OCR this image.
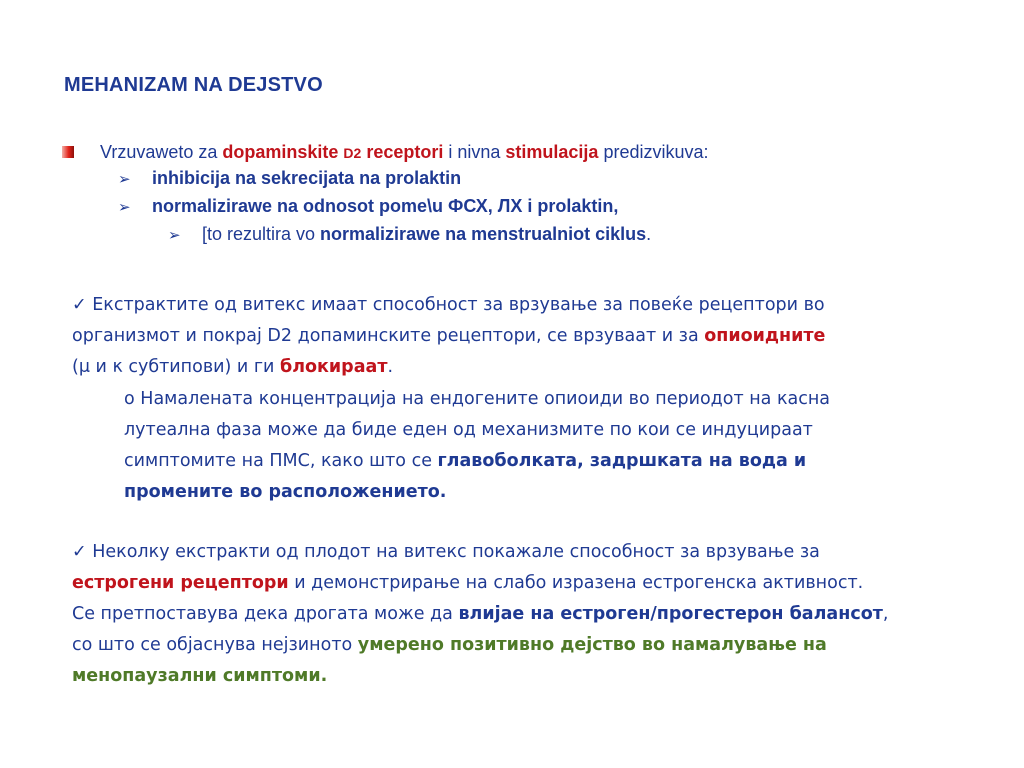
MEHANIZAM NA DEJSTVO
Vrzuvaweto za dopaminskite D2 receptori i nivna stimulacija predizvikuva:
➢ inhibicija na sekrecijata na prolaktin
➢ normalizirawe na odnosot pome\u ФСХ, ЛХ i prolaktin,
➢ [to rezultira vo normalizirawe na menstrualniot ciklus.
✓ Екстрактите од витекс имаат способност за врзување за повеќе рецептори во
организмот и покрај D2 допаминските рецептори, се врзуваат и за опиоидните
(μ и κ субтипови) и ги блокираат.
o Намалената концентрација на ендогените опиоиди во периодот на касна
лутеална фаза може да биде еден од механизмите по кои се индуцираат
симптомите на ПМС, како што се главоболката, задршката на вода и
промените во расположението.
✓ Неколку екстракти од плодот на витекс покажале способност за врзување за
естрогени рецептори и демонстрирање на слабо изразена естрогенска активност.
Се претпоставува дека дрогата може да влијае на естроген/прогестерон балансот,
со што се објаснува нејзиното умерено позитивно дејство во намалување на
менопаузални симптоми.
